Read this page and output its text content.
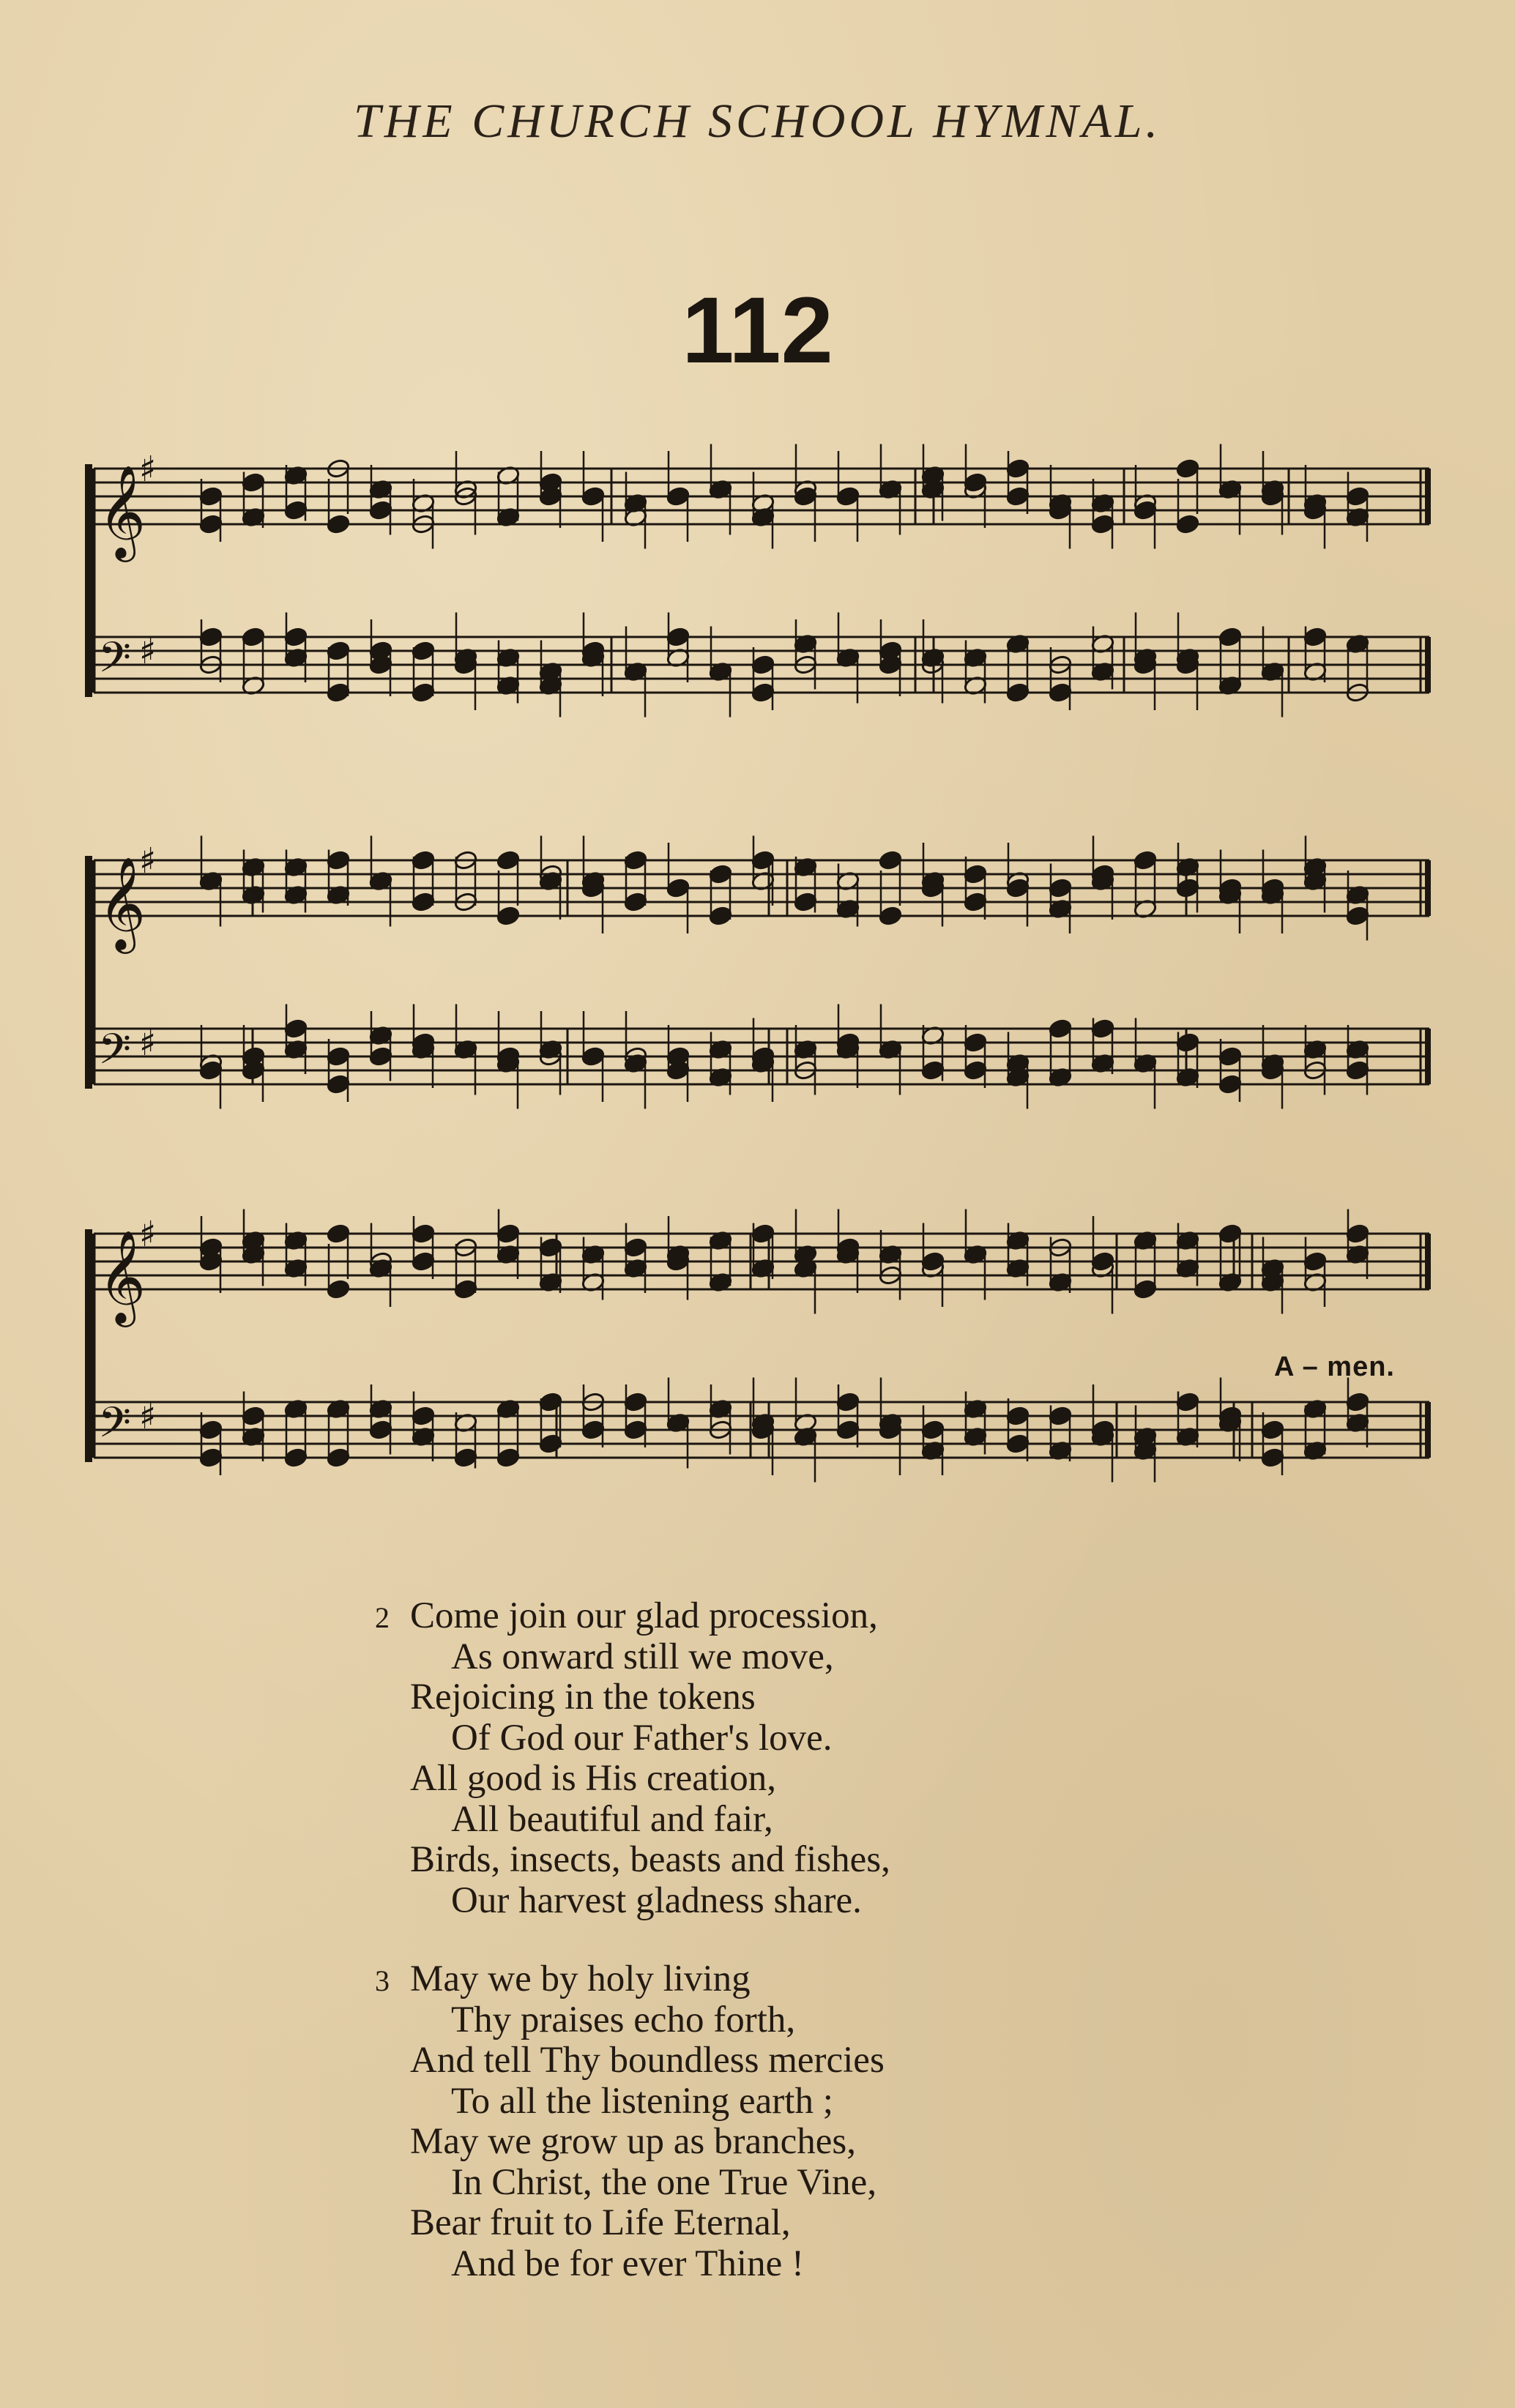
THE CHURCH SCHOOL HYMNAL.
112
𝄞
𝄢
♯
♯
𝄞
𝄢
♯
♯
𝄞
𝄢
♯
♯
A – men.
2 Come join our glad procession,
As onward still we move,
Rejoicing in the tokens
Of God our Father's love.
All good is His creation,
All beautiful and fair,
Birds, insects, beasts and fishes,
Our harvest gladness share.
3 May we by holy living
Thy praises echo forth,
And tell Thy boundless mercies
To all the listening earth ;
May we grow up as branches,
In Christ, the one True Vine,
Bear fruit to Life Eternal,
And be for ever Thine !
